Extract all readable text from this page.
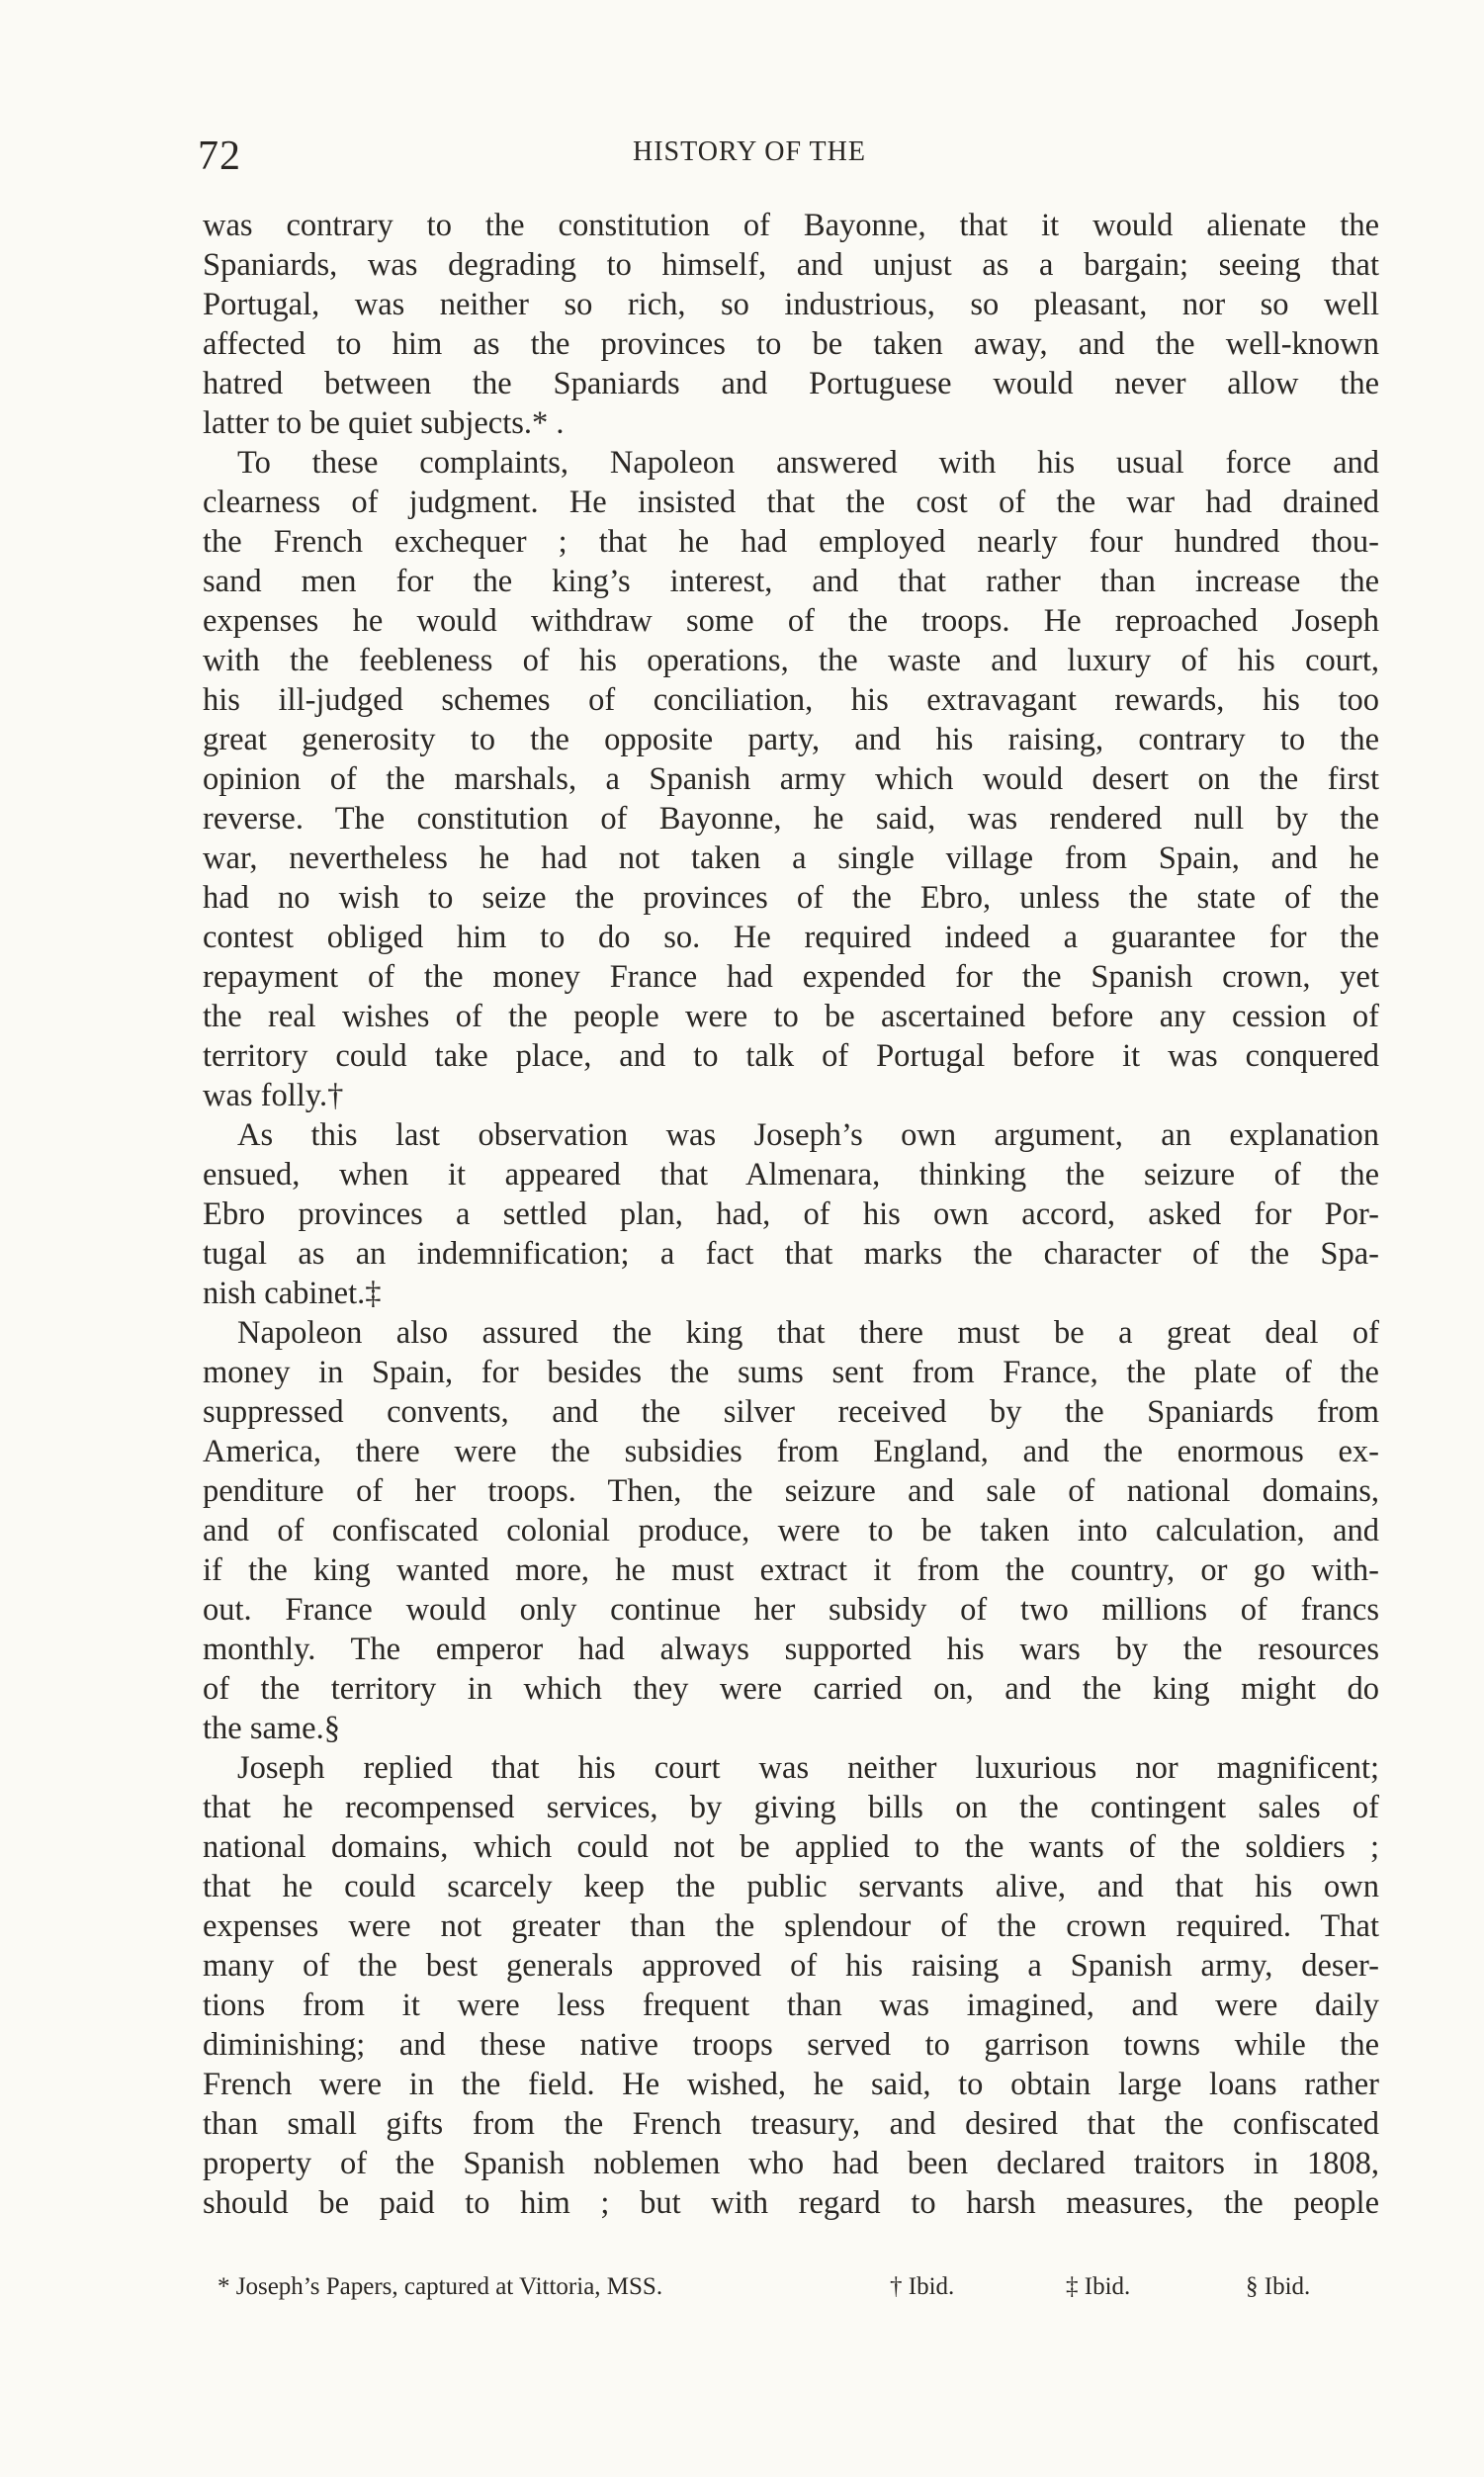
72	HISTORY OF THE
was contrary to the constitution of Bayonne, that it would alienate the
Spaniards, was degrading to himself, and unjust as a bargain; seeing that
Portugal, was neither so rich, so industrious, so pleasant, nor so well
affected to him as the provinces to be taken away, and the well-known
hatred between the Spaniards and Portuguese would never allow the
latter to be quiet subjects.* .
To these complaints, Napoleon answered with his usual force and
clearness of judgment. He insisted that the cost of the war had drained
the French exchequer ; that he had employed nearly four hundred thou-
sand men for the king’s interest, and that rather than increase the
expenses he would withdraw some of the troops. He reproached Joseph
with the feebleness of his operations, the waste and luxury of his court,
his ill-judged schemes of conciliation, his extravagant rewards, his too
great generosity to the opposite party, and his raising, contrary to the
opinion of the marshals, a Spanish army which would desert on the first
reverse. The constitution of Bayonne, he said, was rendered null by the
war, nevertheless he had not taken a single village from Spain, and he
had no wish to seize the provinces of the Ebro, unless the state of the
contest obliged him to do so. He required indeed a guarantee for the
repayment of the money France had expended for the Spanish crown, yet
the real wishes of the people were to be ascertained before any cession of
territory could take place, and to talk of Portugal before it was conquered
was folly.†
As this last observation was Joseph’s own argument, an explanation
ensued, when it appeared that Almenara, thinking the seizure of the
Ebro provinces a settled plan, had, of his own accord, asked for Por-
tugal as an indemnification; a fact that marks the character of the Spa-
nish cabinet.‡
Napoleon also assured the king that there must be a great deal of
money in Spain, for besides the sums sent from France, the plate of the
suppressed convents, and the silver received by the Spaniards from
America, there were the subsidies from England, and the enormous ex-
penditure of her troops. Then, the seizure and sale of national domains,
and of confiscated colonial produce, were to be taken into calculation, and
if the king wanted more, he must extract it from the country, or go with-
out. France would only continue her subsidy of two millions of francs
monthly. The emperor had always supported his wars by the resources
of the territory in which they were carried on, and the king might do
the same.§
Joseph replied that his court was neither luxurious nor magnificent;
that he recompensed services, by giving bills on the contingent sales of
national domains, which could not be applied to the wants of the soldiers ;
that he could scarcely keep the public servants alive, and that his own
expenses were not greater than the splendour of the crown required. That
many of the best generals approved of his raising a Spanish army, deser-
tions from it were less frequent than was imagined, and were daily
diminishing; and these native troops served to garrison towns while the
French were in the field. He wished, he said, to obtain large loans rather
than small gifts from the French treasury, and desired that the confiscated
property of the Spanish noblemen who had been declared traitors in 1808,
should be paid to him ; but with regard to harsh measures, the people
* Joseph’s Papers, captured at Vittoria, MSS.	† Ibid.	‡ Ibid.	§ Ibid.
